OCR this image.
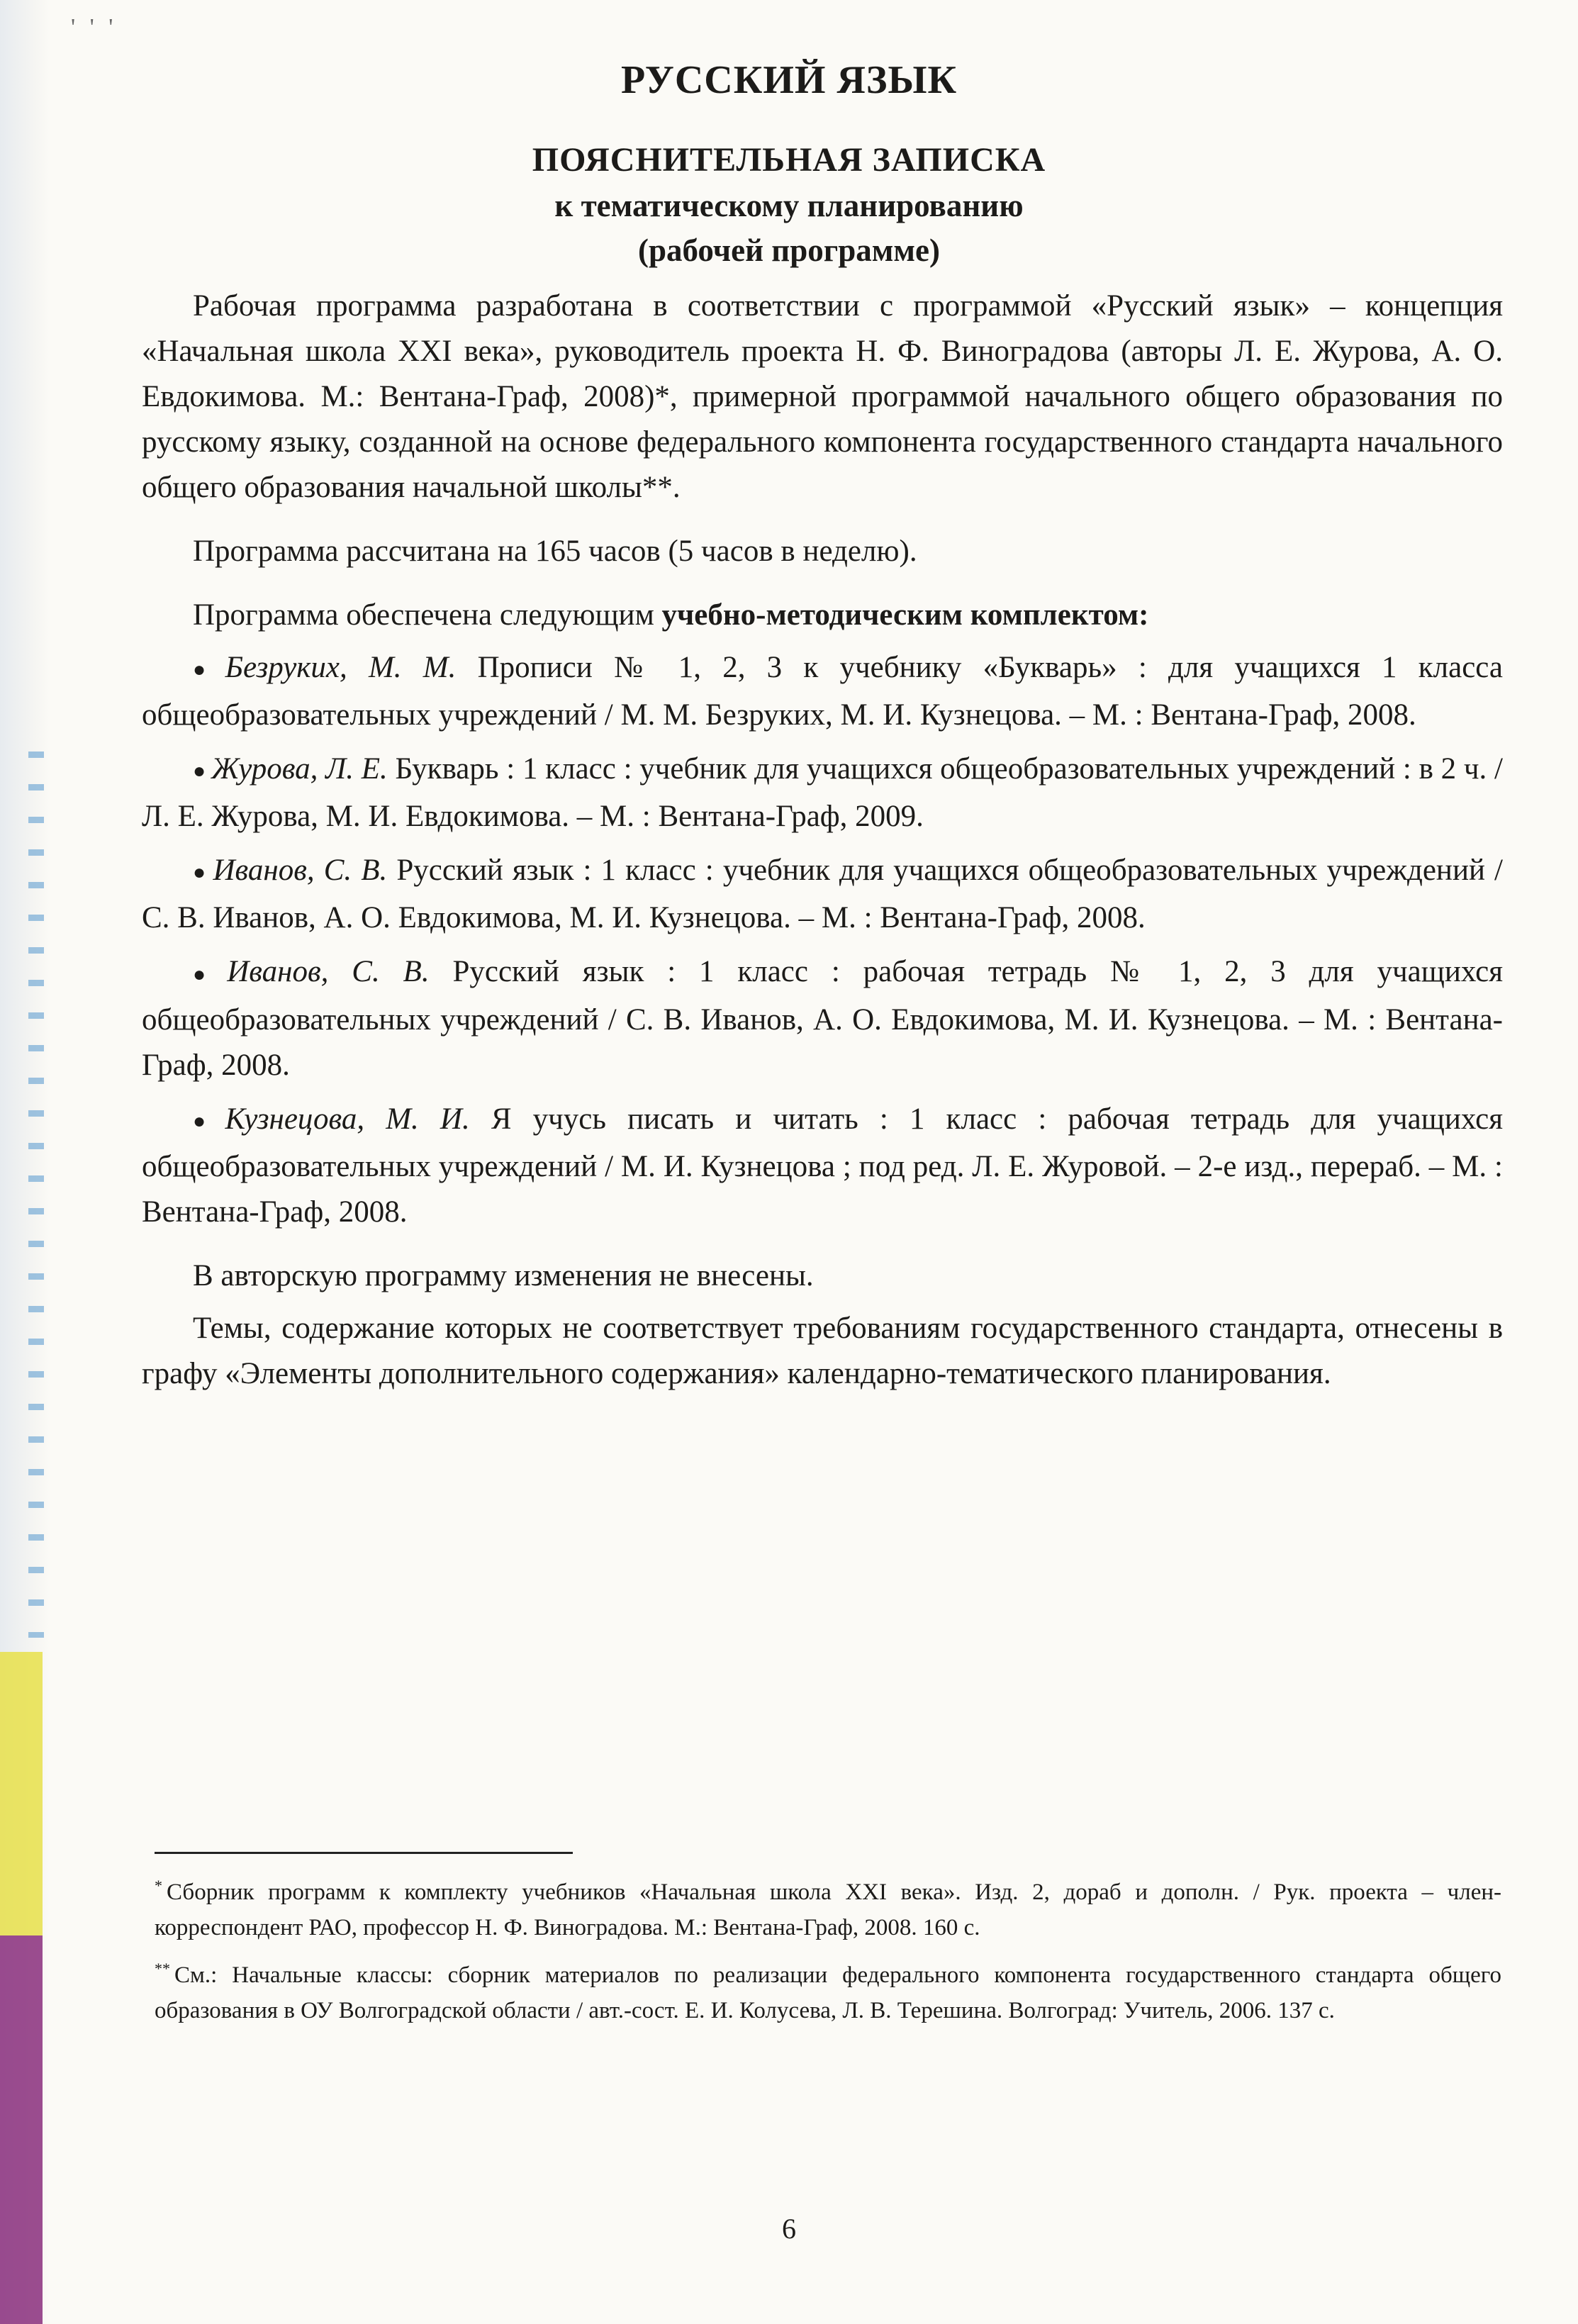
' ' '
РУССКИЙ ЯЗЫК
ПОЯСНИТЕЛЬНАЯ ЗАПИСКА
к тематическому планированию
(рабочей программе)

Рабочая программа разработана в соответствии с программой «Русский язык» – концепция «Начальная школа XXI века», руководитель проекта Н. Ф. Виноградова (авторы Л. Е. Журова, А. О. Евдокимова. М.: Вентана-Граф, 2008)*, примерной программой начального общего образования по русскому языку, созданной на основе федерального компонента государственного стандарта начального общего образования начальной школы**.

Программа рассчитана на 165 часов (5 часов в неделю).

Программа обеспечена следующим учебно-методическим комплектом:

● Безруких, М. М. Прописи № 1, 2, 3 к учебнику «Букварь» : для учащихся 1 класса общеобразовательных учреждений / М. М. Безруких, М. И. Кузнецова. – М. : Вентана-Граф, 2008.

● Журова, Л. Е. Букварь : 1 класс : учебник для учащихся общеобразовательных учреждений : в 2 ч. / Л. Е. Журова, М. И. Евдокимова. – М. : Вентана-Граф, 2009.

● Иванов, С. В. Русский язык : 1 класс : учебник для учащихся общеобразовательных учреждений / С. В. Иванов, А. О. Евдокимова, М. И. Кузнецова. – М. : Вентана-Граф, 2008.

● Иванов, С. В. Русский язык : 1 класс : рабочая тетрадь № 1, 2, 3 для учащихся общеобразовательных учреждений / С. В. Иванов, А. О. Евдокимова, М. И. Кузнецова. – М. : Вентана-Граф, 2008.

● Кузнецова, М. И. Я учусь писать и читать : 1 класс : рабочая тетрадь для учащихся общеобразовательных учреждений / М. И. Кузнецова ; под ред. Л. Е. Журовой. – 2-е изд., перераб. – М. : Вентана-Граф, 2008.

В авторскую программу изменения не внесены.

Темы, содержание которых не соответствует требованиям государственного стандарта, отнесены в графу «Элементы дополнительного содержания» календарно-тематического планирования.

* Сборник программ к комплекту учебников «Начальная школа XXI века». Изд. 2, дораб и дополн. / Рук. проекта – член-корреспондент РАО, профессор Н. Ф. Виноградова. М.: Вентана-Граф, 2008. 160 с.

** См.: Начальные классы: сборник материалов по реализации федерального компонента государственного стандарта общего образования в ОУ Волгоградской области / авт.-сост. Е. И. Колусева, Л. В. Терешина. Волгоград: Учитель, 2006. 137 с.

6
